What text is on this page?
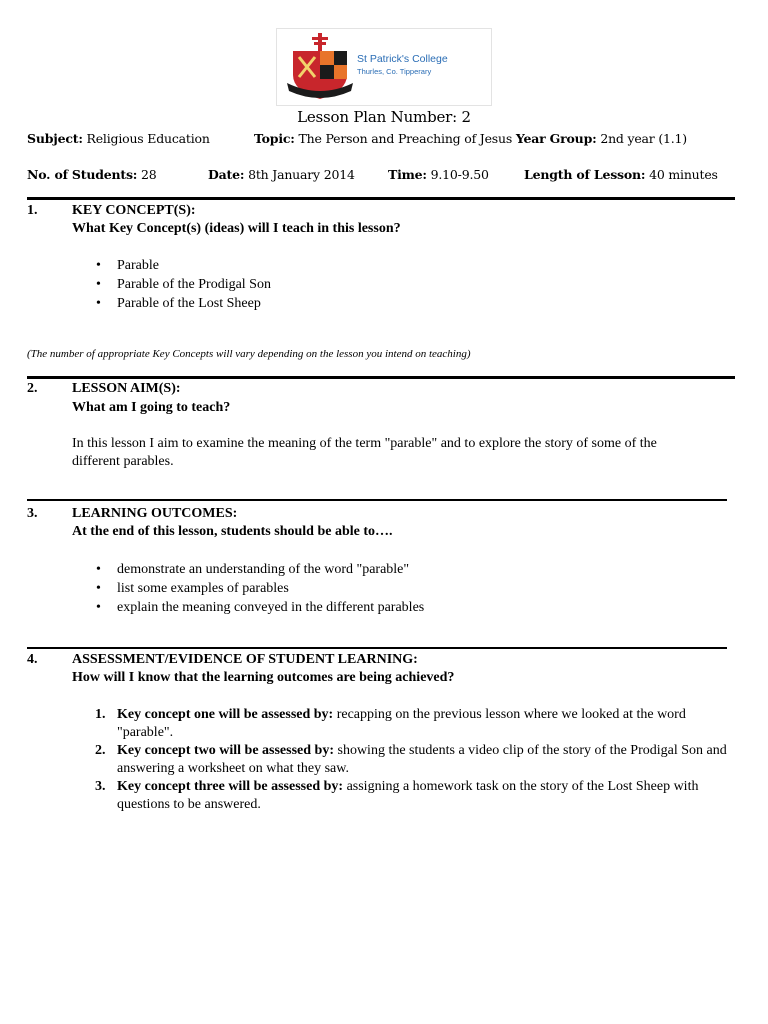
St Patrick's College
Thurles, Co. Tipperary
Lesson Plan Number: 2
Subject: Religious Education	Topic: The Person and Preaching of Jesus Year Group: 2nd year (1.1)
No. of Students: 28	Date: 8th January 2014	Time: 9.10-9.50	Length of Lesson: 40 minutes
1. KEY CONCEPT(S):
What Key Concept(s) (ideas) will I teach in this lesson?
• Parable
• Parable of the Prodigal Son
• Parable of the Lost Sheep
(The number of appropriate Key Concepts will vary depending on the lesson you intend on teaching)
2. LESSON AIM(S):
What am I going to teach?
In this lesson I aim to examine the meaning of the term "parable" and to explore the story of some of the
different parables.
3. LEARNING OUTCOMES:
At the end of this lesson, students should be able to….
• demonstrate an understanding of the word "parable"
• list some examples of parables
• explain the meaning conveyed in the different parables
4. ASSESSMENT/EVIDENCE OF STUDENT LEARNING:
How will I know that the learning outcomes are being achieved?
1. Key concept one will be assessed by: recapping on the previous lesson where we looked at the word "parable".
2. Key concept two will be assessed by: showing the students a video clip of the story of the Prodigal Son and answering a worksheet on what they saw.
3. Key concept three will be assessed by: assigning a homework task on the story of the Lost Sheep with questions to be answered.
